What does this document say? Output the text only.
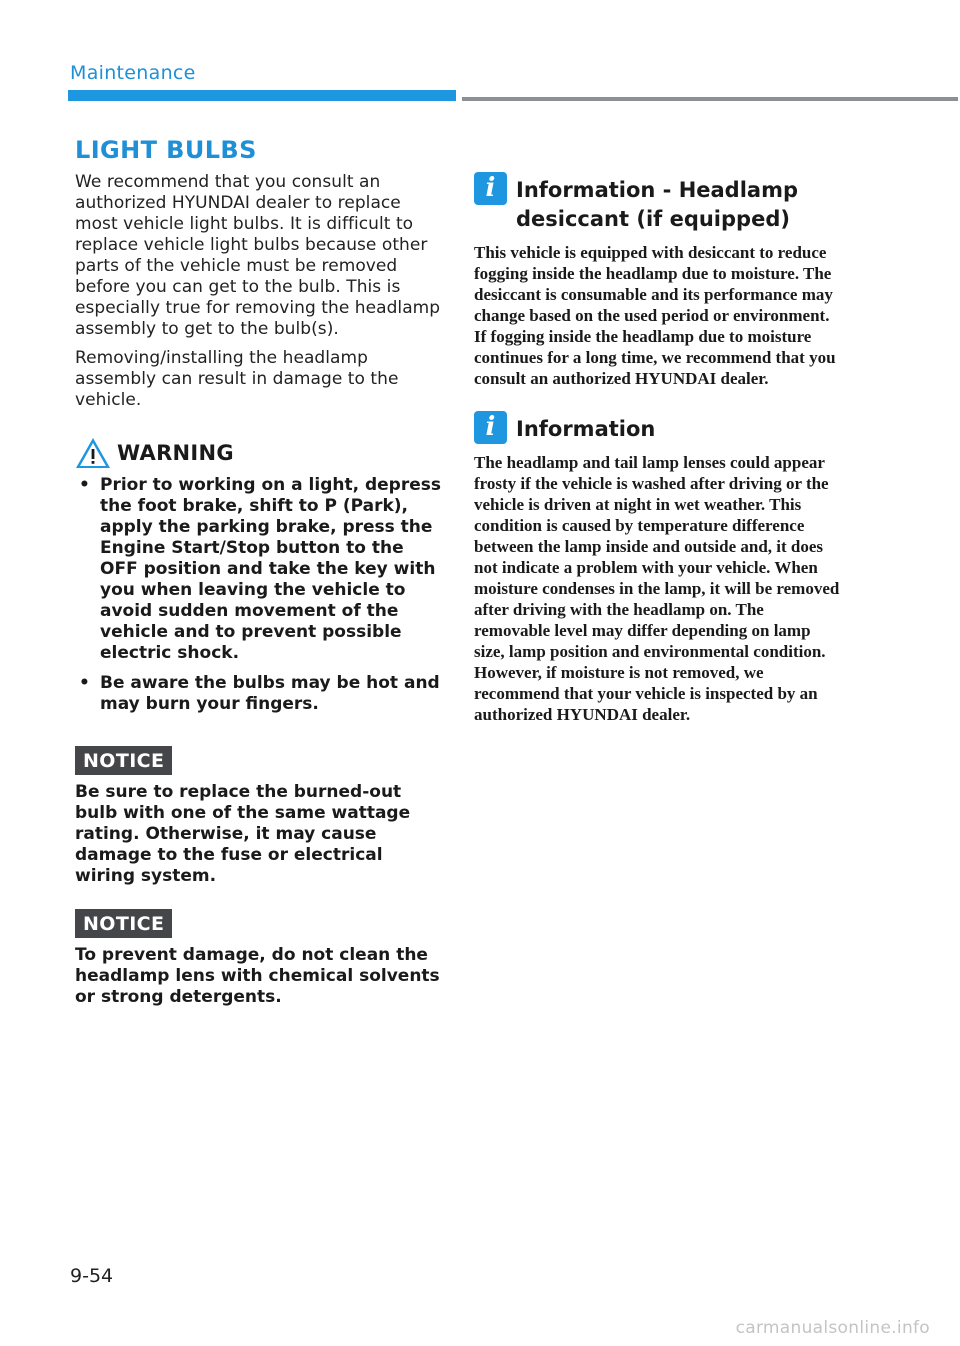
Maintenance
LIGHT BULBS

We recommend that you consult an authorized HYUNDAI dealer to replace most vehicle light bulbs. It is difficult to replace vehicle light bulbs because other parts of the vehicle must be removed before you can get to the bulb. This is especially true for removing the headlamp assembly to get to the bulb(s).

Removing/installing the headlamp assembly can result in damage to the vehicle.

WARNING
• Prior to working on a light, depress the foot brake, shift to P (Park), apply the parking brake, press the Engine Start/Stop button to the OFF position and take the key with you when leaving the vehicle to avoid sudden movement of the vehicle and to prevent possible electric shock.
• Be aware the bulbs may be hot and may burn your fingers.
NOTICE

Be sure to replace the burned-out bulb with one of the same wattage rating. Otherwise, it may cause damage to the fuse or electrical wiring system.

NOTICE

To prevent damage, do not clean the headlamp lens with chemical solvents or strong detergents.

i Information - Headlamp
desiccant (if equipped)

This vehicle is equipped with desiccant to reduce fogging inside the headlamp due to moisture. The desiccant is consumable and its performance may change based on the used period or environment. If fogging inside the headlamp due to moisture continues for a long time, we recommend that you consult an authorized HYUNDAI dealer.

i Information

The headlamp and tail lamp lenses could appear frosty if the vehicle is washed after driving or the vehicle is driven at night in wet weather. This condition is caused by temperature difference between the lamp inside and outside and, it does not indicate a problem with your vehicle. When moisture condenses in the lamp, it will be removed after driving with the headlamp on. The removable level may differ depending on lamp size, lamp position and environmental condition. However, if moisture is not removed, we recommend that your vehicle is inspected by an authorized HYUNDAI dealer.

9-54
carmanualsonline.info
